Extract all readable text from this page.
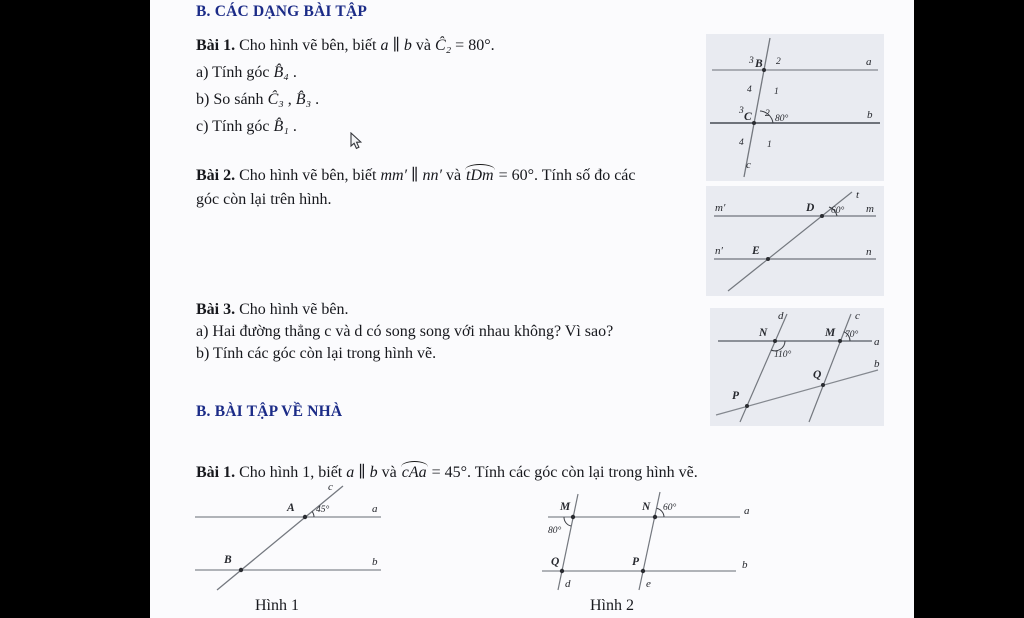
B. CÁC DẠNG BÀI TẬP
Bài 1. Cho hình vẽ bên, biết a ∥ b và Ĉ₂ = 80°.
a) Tính góc B̂₄ .
b) So sánh Ĉ₃ , B̂₃ .
c) Tính góc B̂₁ .
Bài 2. Cho hình vẽ bên, biết mm′ ∥ nn′ và tDm = 60°. Tính số đo các
góc còn lại trên hình.
Bài 3. Cho hình vẽ bên.
a) Hai đường thẳng c và d có song song với nhau không? Vì sao?
b) Tính các góc còn lại trong hình vẽ.
B. BÀI TẬP VỀ NHÀ
Bài 1. Cho hình 1, biết a ∥ b và cAa = 45°. Tính các góc còn lại trong hình vẽ.
a
b
c
3 B 2
4 1
3 C 2 80°
4 1
m′	m
n′	n
D
E
t
60°
d	c
a
b
N	M 70°
110°
Q
P
A 45°
c
a
B	b
M	N 60°
80°
a
Q	P	b
d	e
Hình 1	Hình 2
